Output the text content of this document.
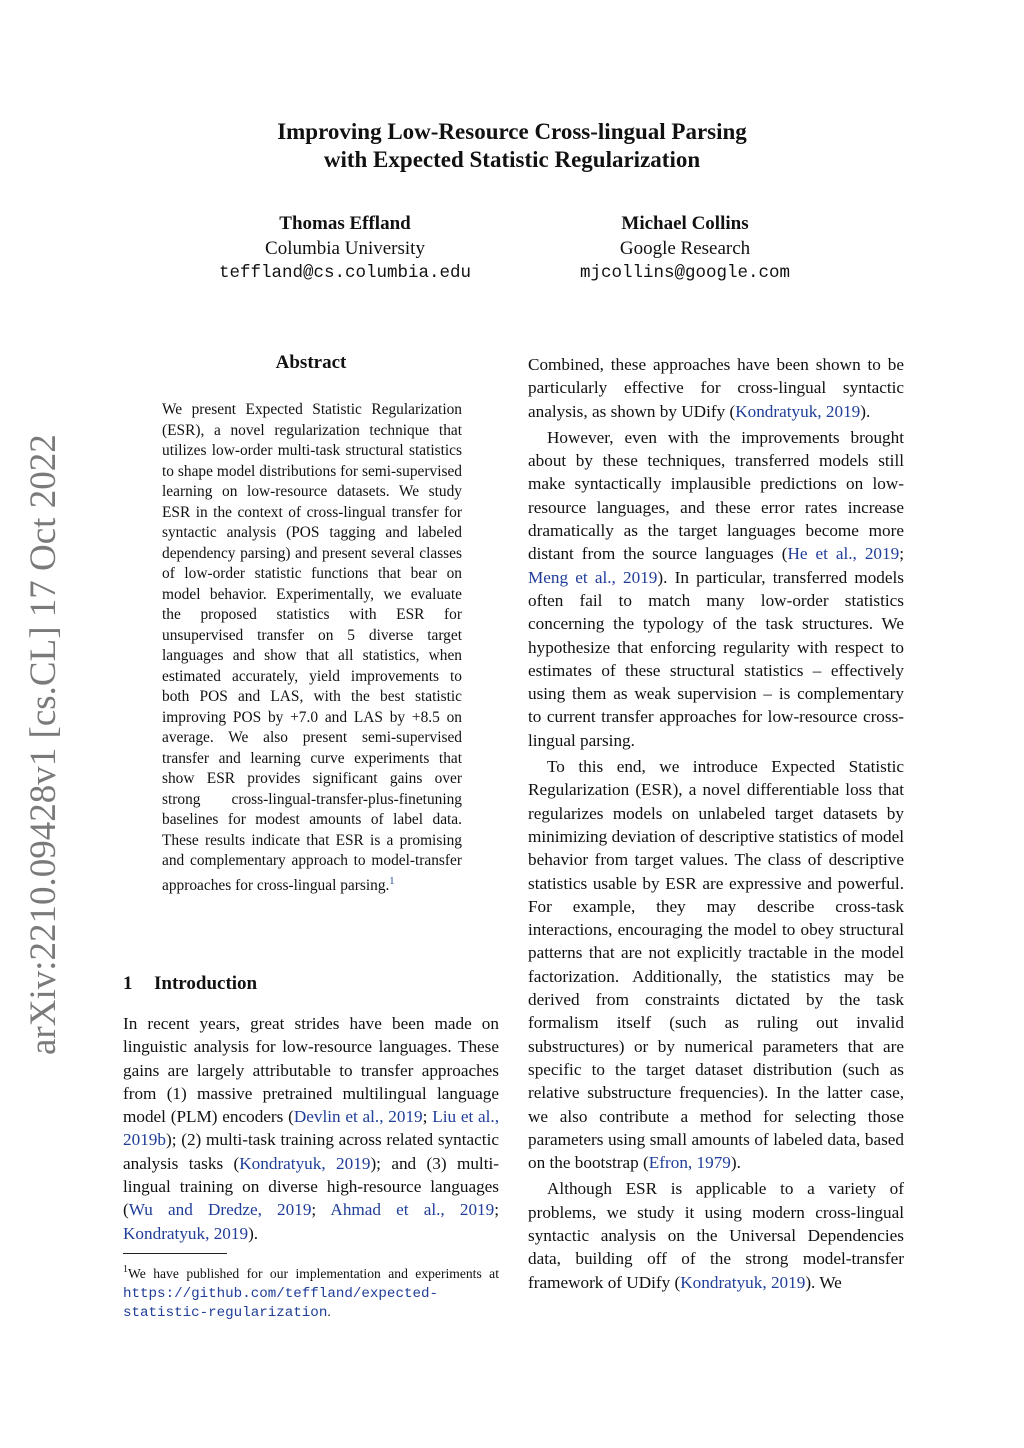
Improving Low-Resource Cross-lingual Parsing
with Expected Statistic Regularization
Thomas Effland
Columbia University
teffland@cs.columbia.edu
Michael Collins
Google Research
mjcollins@google.com
arXiv:2210.09428v1 [cs.CL] 17 Oct 2022
Abstract
We present Expected Statistic Regularization (ESR), a novel regularization technique that utilizes low-order multi-task structural statistics to shape model distributions for semi-supervised learning on low-resource datasets. We study ESR in the context of cross-lingual transfer for syntactic analysis (POS tagging and labeled dependency parsing) and present several classes of low-order statistic functions that bear on model behavior. Experimentally, we evaluate the proposed statistics with ESR for unsupervised transfer on 5 diverse target languages and show that all statistics, when estimated accurately, yield improvements to both POS and LAS, with the best statistic improving POS by +7.0 and LAS by +8.5 on average. We also present semi-supervised transfer and learning curve experiments that show ESR provides significant gains over strong cross-lingual-transfer-plus-finetuning baselines for modest amounts of label data. These results indicate that ESR is a promising and complementary approach to model-transfer approaches for cross-lingual parsing.$^1$
1 Introduction
In recent years, great strides have been made on linguistic analysis for low-resource languages. These gains are largely attributable to transfer approaches from (1) massive pretrained multilingual language model (PLM) encoders (Devlin et al., 2019; Liu et al., 2019b); (2) multi-task training across related syntactic analysis tasks (Kondratyuk, 2019); and (3) multi-lingual training on diverse high-resource languages (Wu and Dredze, 2019; Ahmad et al., 2019; Kondratyuk, 2019).
$^1$We have published for our implementation and experiments at https://github.com/teffland/expected-statistic-regularization.

Combined, these approaches have been shown to be particularly effective for cross-lingual syntactic analysis, as shown by UDify (Kondratyuk, 2019).

However, even with the improvements brought about by these techniques, transferred models still make syntactically implausible predictions on low-resource languages, and these error rates increase dramatically as the target languages become more distant from the source languages (He et al., 2019; Meng et al., 2019). In particular, transferred models often fail to match many low-order statistics concerning the typology of the task structures. We hypothesize that enforcing regularity with respect to estimates of these structural statistics – effectively using them as weak supervision – is complementary to current transfer approaches for low-resource cross-lingual parsing.

To this end, we introduce Expected Statistic Regularization (ESR), a novel differentiable loss that regularizes models on unlabeled target datasets by minimizing deviation of descriptive statistics of model behavior from target values. The class of descriptive statistics usable by ESR are expressive and powerful. For example, they may describe cross-task interactions, encouraging the model to obey structural patterns that are not explicitly tractable in the model factorization. Additionally, the statistics may be derived from constraints dictated by the task formalism itself (such as ruling out invalid substructures) or by numerical parameters that are specific to the target dataset distribution (such as relative substructure frequencies). In the latter case, we also contribute a method for selecting those parameters using small amounts of labeled data, based on the bootstrap (Efron, 1979).

Although ESR is applicable to a variety of problems, we study it using modern cross-lingual syntactic analysis on the Universal Dependencies data, building off of the strong model-transfer framework of UDify (Kondratyuk, 2019). We
